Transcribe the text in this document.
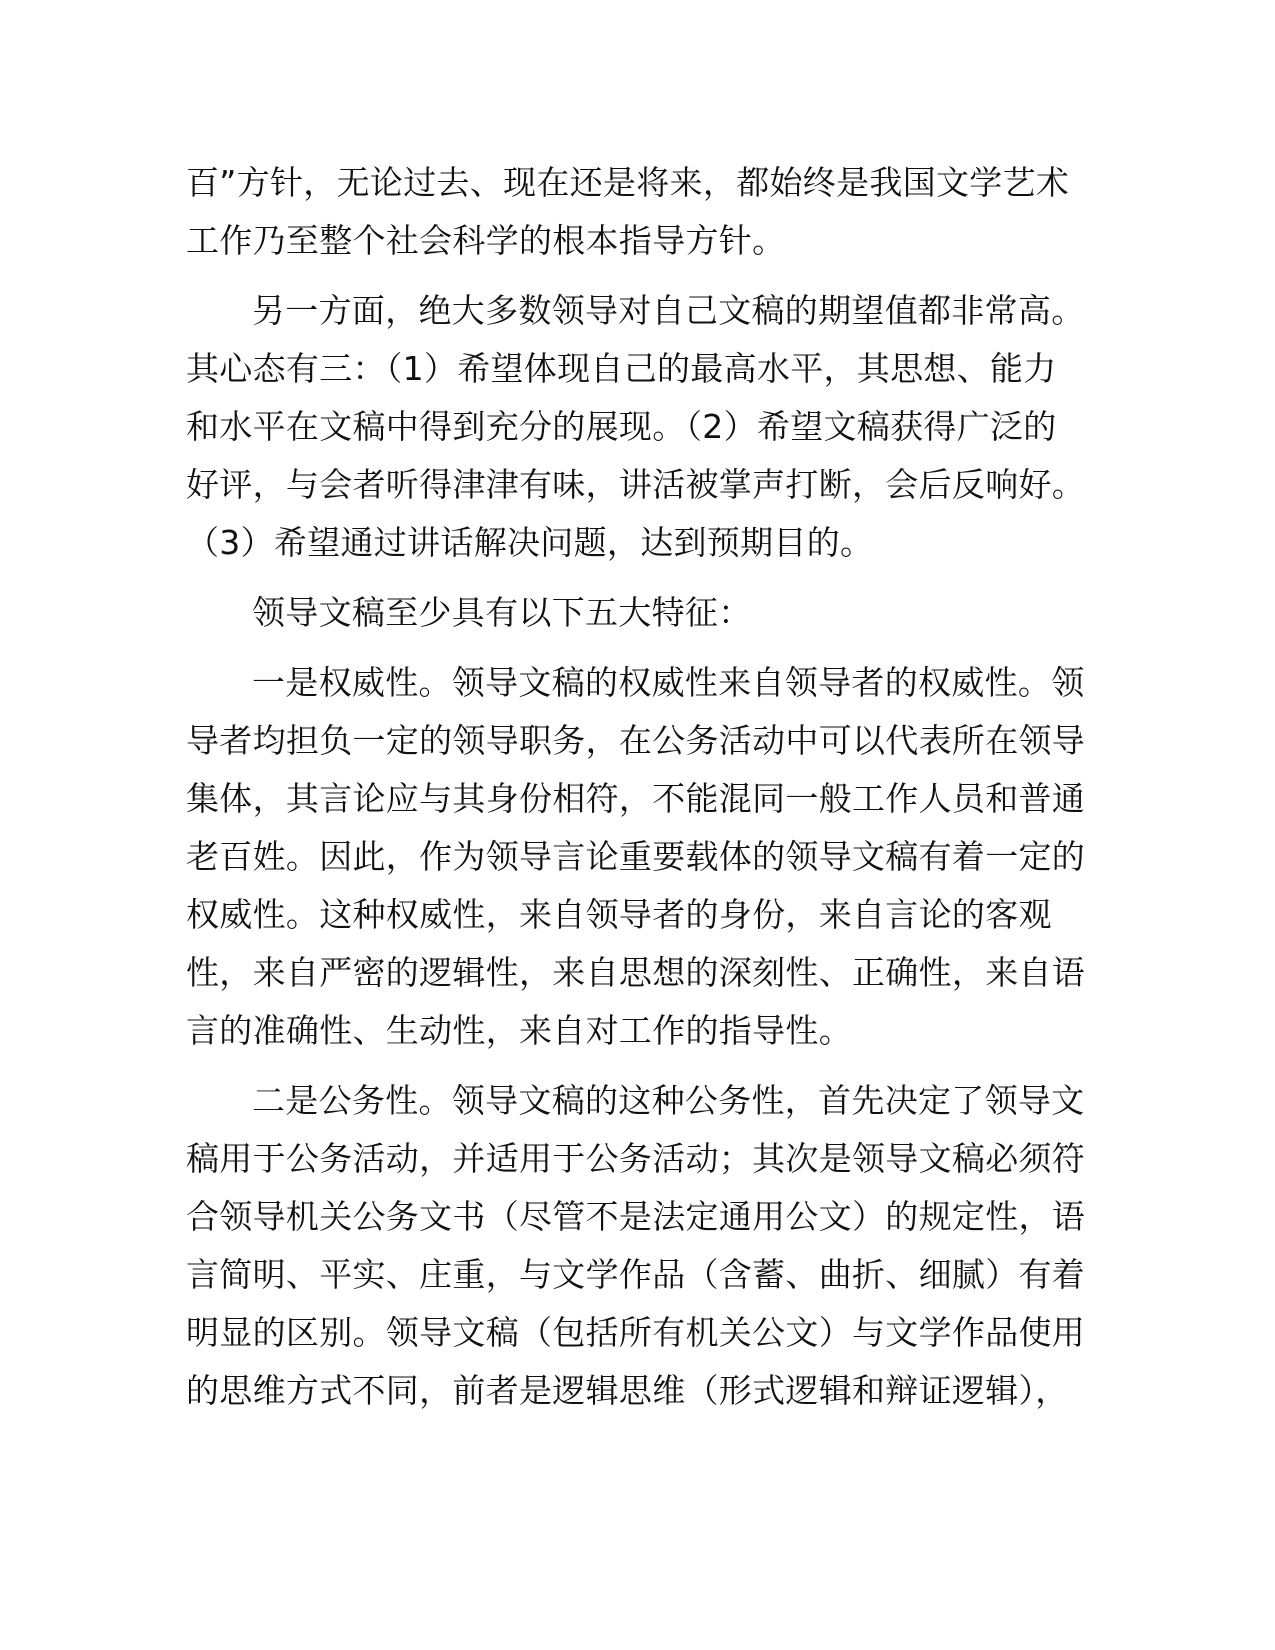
百”方针，无论过去、现在还是将来，都始终是我国文学艺术
工作乃至整个社会科学的根本指导方针。
另一方面，绝大多数领导对自己文稿的期望值都非常高。
其心态有三：（1）希望体现自己的最高水平，其思想、能力
和水平在文稿中得到充分的展现。（2）希望文稿获得广泛的
好评，与会者听得津津有味，讲活被掌声打断，会后反响好。
（3）希望通过讲话解决问题，达到预期目的。
领导文稿至少具有以下五大特征：
一是权威性。领导文稿的权威性来自领导者的权威性。领
导者均担负一定的领导职务，在公务活动中可以代表所在领导
集体，其言论应与其身份相符，不能混同一般工作人员和普通
老百姓。因此，作为领导言论重要载体的领导文稿有着一定的
权威性。这种权威性，来自领导者的身份，来自言论的客观
性，来自严密的逻辑性，来自思想的深刻性、正确性，来自语
言的准确性、生动性，来自对工作的指导性。
二是公务性。领导文稿的这种公务性，首先决定了领导文
稿用于公务活动，并适用于公务活动；其次是领导文稿必须符
合领导机关公务文书（尽管不是法定通用公文）的规定性，语
言简明、平实、庄重，与文学作品（含蓄、曲折、细腻）有着
明显的区别。领导文稿（包括所有机关公文）与文学作品使用
的思维方式不同，前者是逻辑思维（形式逻辑和辩证逻辑），
